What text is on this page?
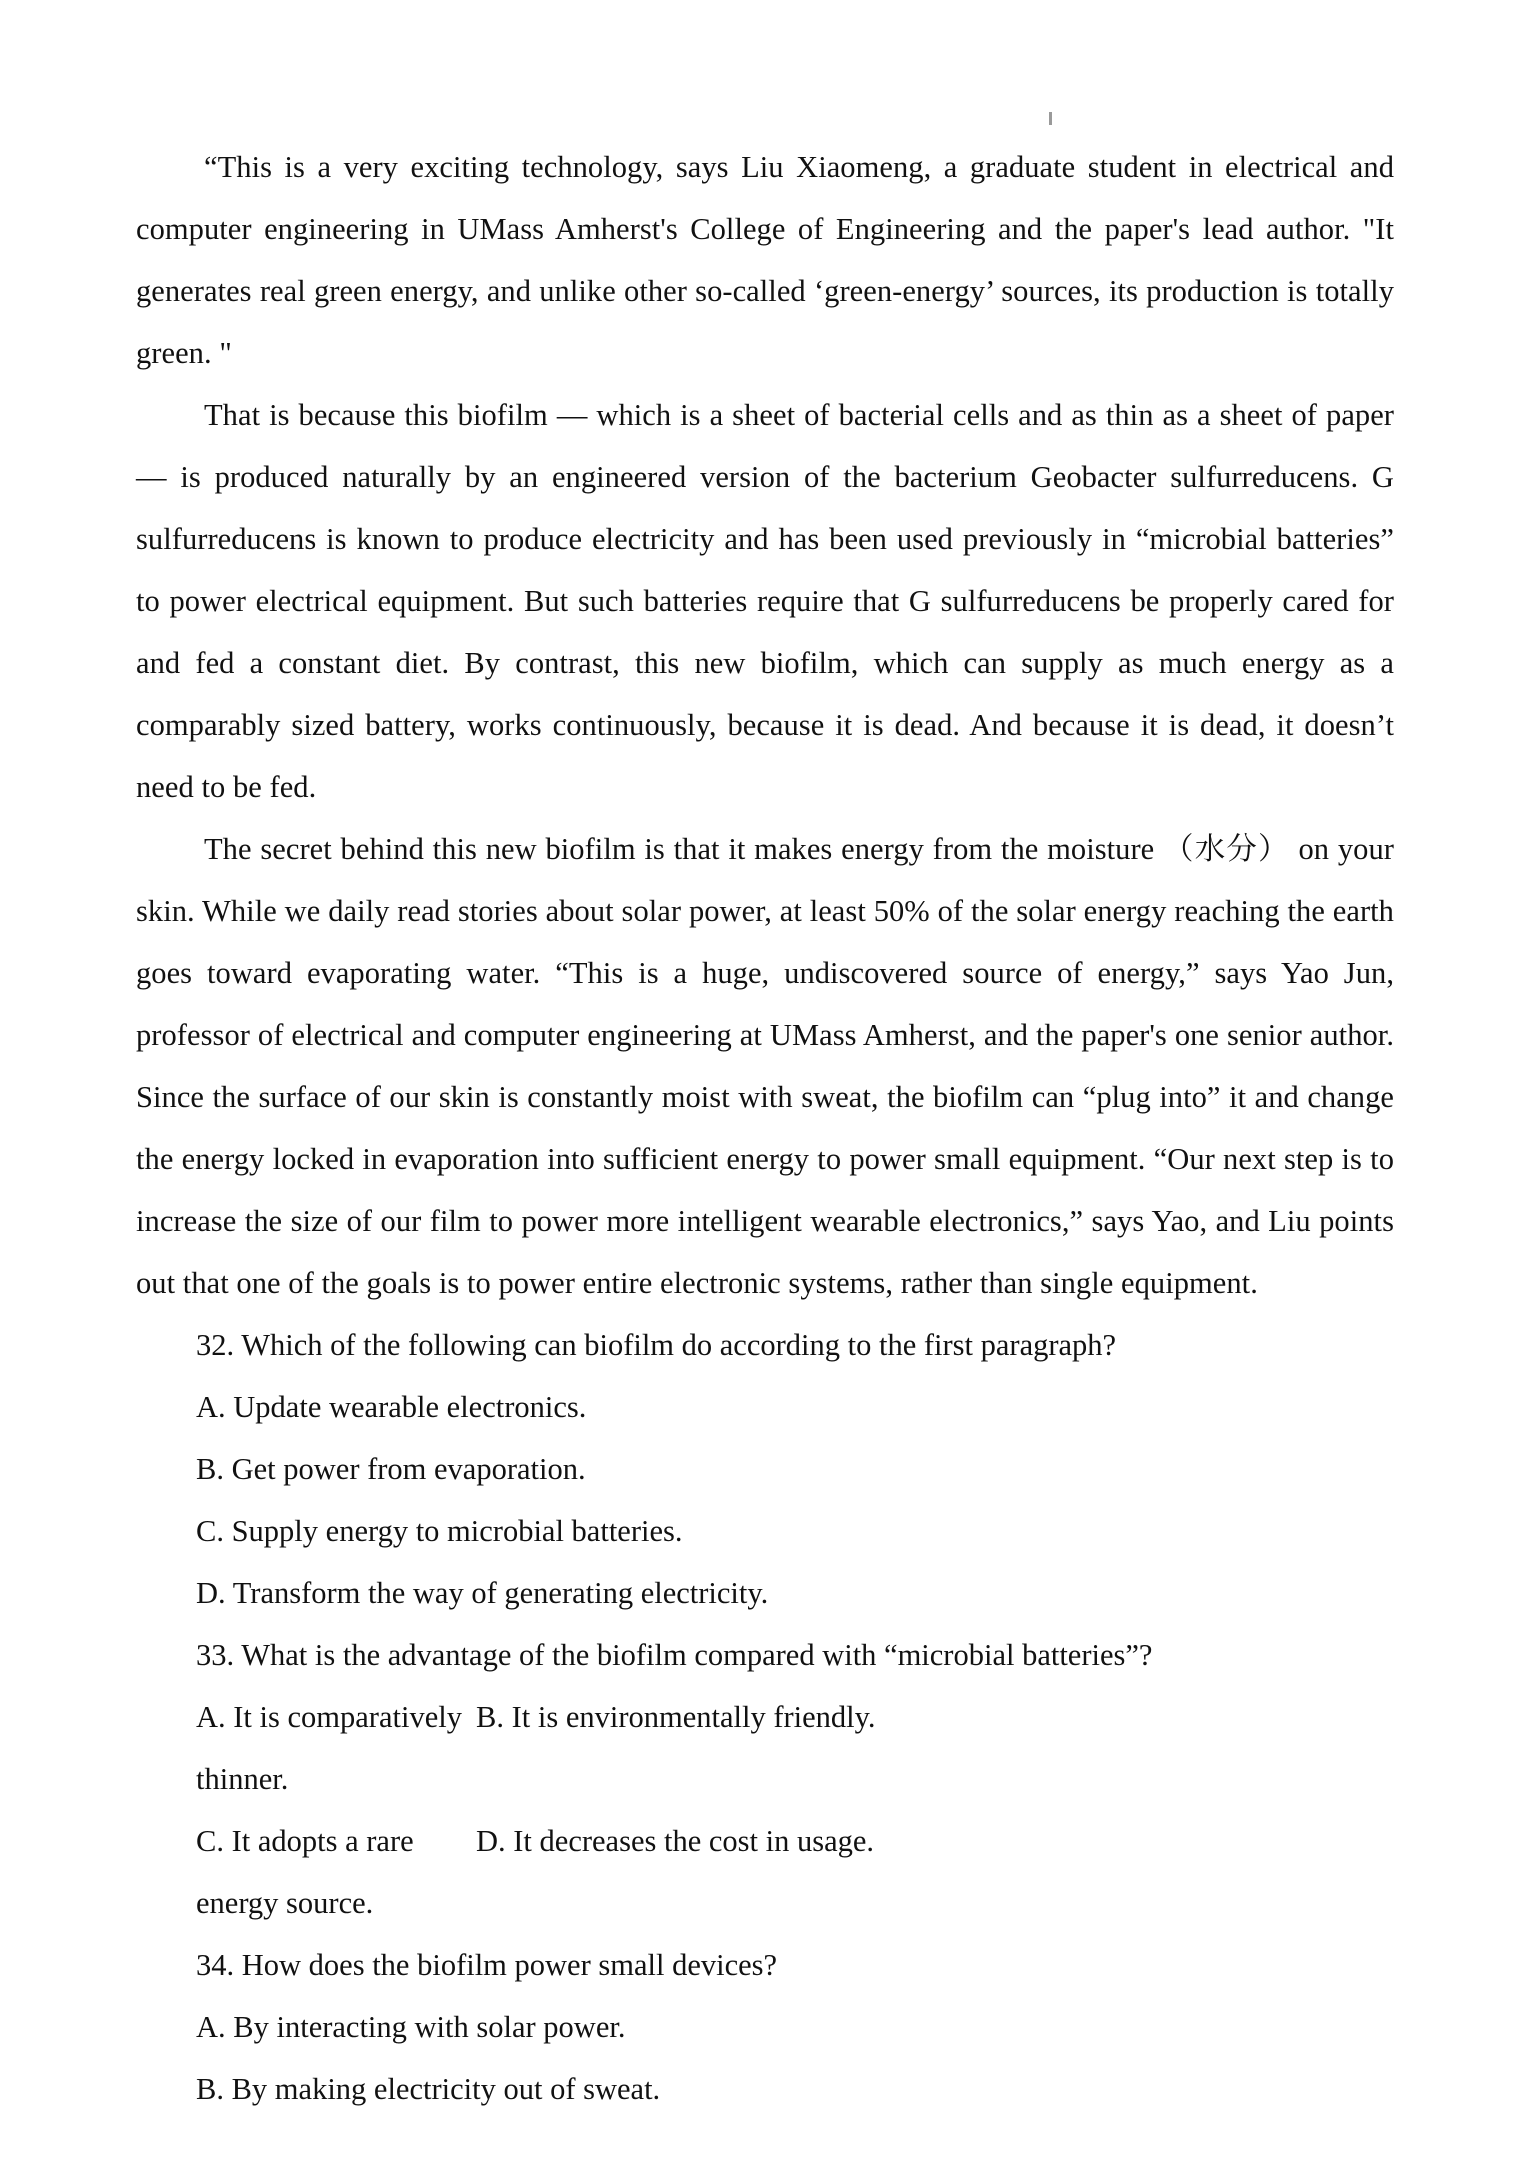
“This is a very exciting technology, says Liu Xiaomeng, a graduate student in electrical and computer engineering in UMass Amherst's College of Engineering and the paper's lead author. "It generates real green energy, and unlike other so-called ‘green-energy’ sources, its production is totally green. "

That is because this biofilm — which is a sheet of bacterial cells and as thin as a sheet of paper — is produced naturally by an engineered version of the bacterium Geobacter sulfurreducens. G sulfurreducens is known to produce electricity and has been used previously in “microbial batteries” to power electrical equipment. But such batteries require that G sulfurreducens be properly cared for and fed a constant diet. By contrast, this new biofilm, which can supply as much energy as a comparably sized battery, works continuously, because it is dead. And because it is dead, it doesn’t need to be fed.

The secret behind this new biofilm is that it makes energy from the moisture （水分） on your skin. While we daily read stories about solar power, at least 50% of the solar energy reaching the earth goes toward evaporating water. “This is a huge, undiscovered source of energy,” says Yao Jun, professor of electrical and computer engineering at UMass Amherst, and the paper's one senior author. Since the surface of our skin is constantly moist with sweat, the biofilm can “plug into” it and change the energy locked in evaporation into sufficient energy to power small equipment. “Our next step is to increase the size of our film to power more intelligent wearable electronics,” says Yao, and Liu points out that one of the goals is to power entire electronic systems, rather than single equipment.

32. Which of the following can biofilm do according to the first paragraph?

A. Update wearable electronics.

B. Get power from evaporation.

C. Supply energy to microbial batteries.

D. Transform the way of generating electricity.

33. What is the advantage of the biofilm compared with “microbial batteries”?

A. It is comparatively thinner.
B. It is environmentally friendly.
C. It adopts a rare energy source.
D. It decreases the cost in usage.

34. How does the biofilm power small devices?

A. By interacting with solar power.

B. By making electricity out of sweat.
